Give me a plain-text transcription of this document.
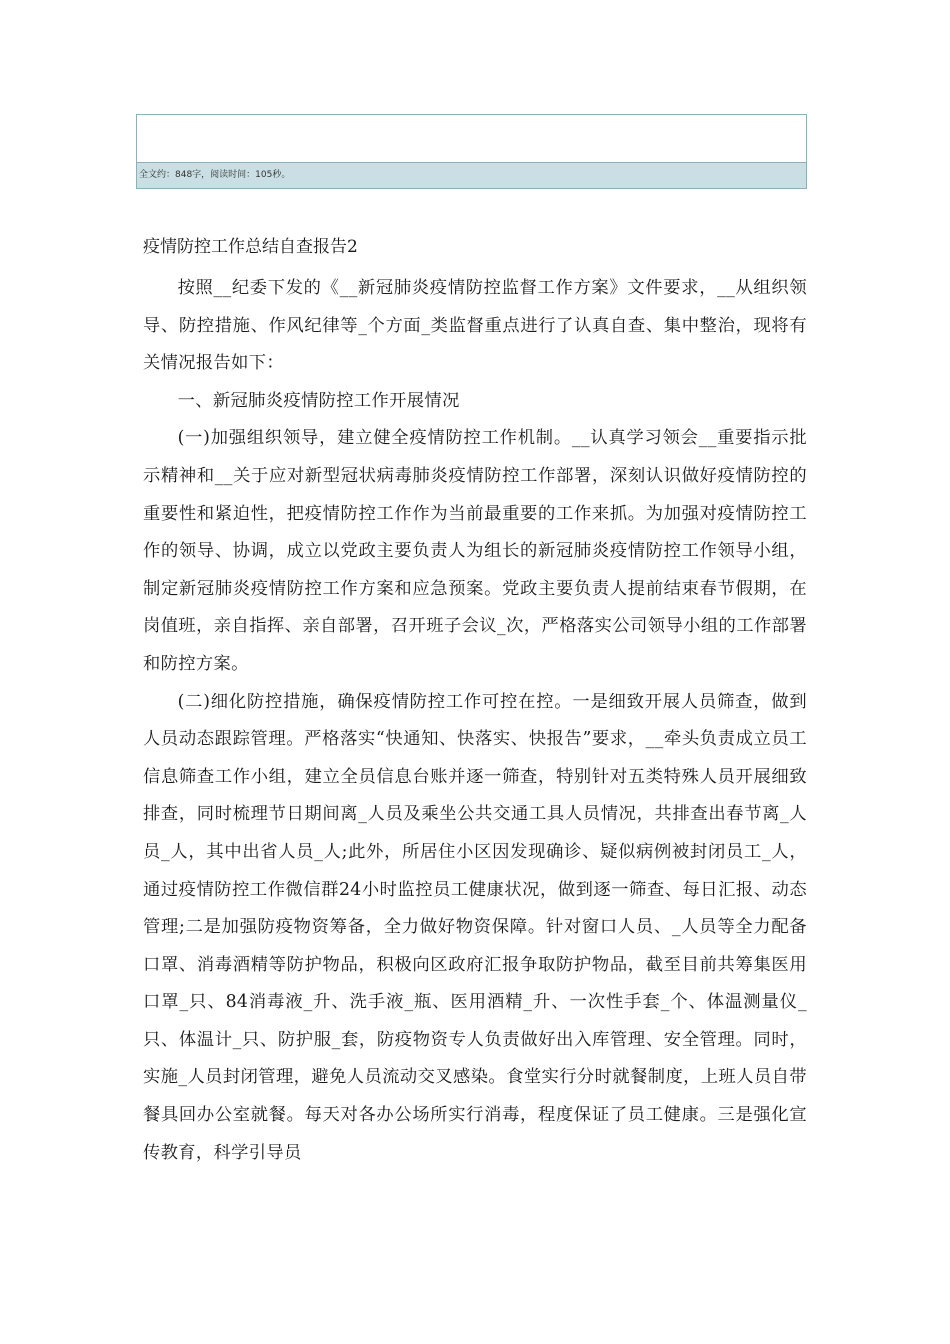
全文约：848字，阅读时间：105秒。
疫情防控工作总结自查报告2

按照__纪委下发的《__新冠肺炎疫情防控监督工作方案》文件要求，__从组织领导、防控措施、作风纪律等_个方面_类监督重点进行了认真自查、集中整治，现将有关情况报告如下：

一、新冠肺炎疫情防控工作开展情况

(一)加强组织领导，建立健全疫情防控工作机制。__认真学习领会__重要指示批示精神和__关于应对新型冠状病毒肺炎疫情防控工作部署，深刻认识做好疫情防控的重要性和紧迫性，把疫情防控工作作为当前最重要的工作来抓。为加强对疫情防控工作的领导、协调，成立以党政主要负责人为组长的新冠肺炎疫情防控工作领导小组，制定新冠肺炎疫情防控工作方案和应急预案。党政主要负责人提前结束春节假期，在岗值班，亲自指挥、亲自部署，召开班子会议_次，严格落实公司领导小组的工作部署和防控方案。

(二)细化防控措施，确保疫情防控工作可控在控。一是细致开展人员筛查，做到人员动态跟踪管理。严格落实“快通知、快落实、快报告”要求，__牵头负责成立员工信息筛查工作小组，建立全员信息台账并逐一筛查，特别针对五类特殊人员开展细致排查，同时梳理节日期间离_人员及乘坐公共交通工具人员情况，共排查出春节离_人员_人，其中出省人员_人;此外，所居住小区因发现确诊、疑似病例被封闭员工_人，通过疫情防控工作微信群24小时监控员工健康状况，做到逐一筛查、每日汇报、动态管理;二是加强防疫物资筹备，全力做好物资保障。针对窗口人员、_人员等全力配备口罩、消毒酒精等防护物品，积极向区政府汇报争取防护物品，截至目前共筹集医用口罩_只、84消毒液_升、洗手液_瓶、医用酒精_升、一次性手套_个、体温测量仪_只、体温计_只、防护服_套，防疫物资专人负责做好出入库管理、安全管理。同时，实施_人员封闭管理，避免人员流动交叉感染。食堂实行分时就餐制度，上班人员自带餐具回办公室就餐。每天对各办公场所实行消毒，程度保证了员工健康。三是强化宣传教育，科学引导员
